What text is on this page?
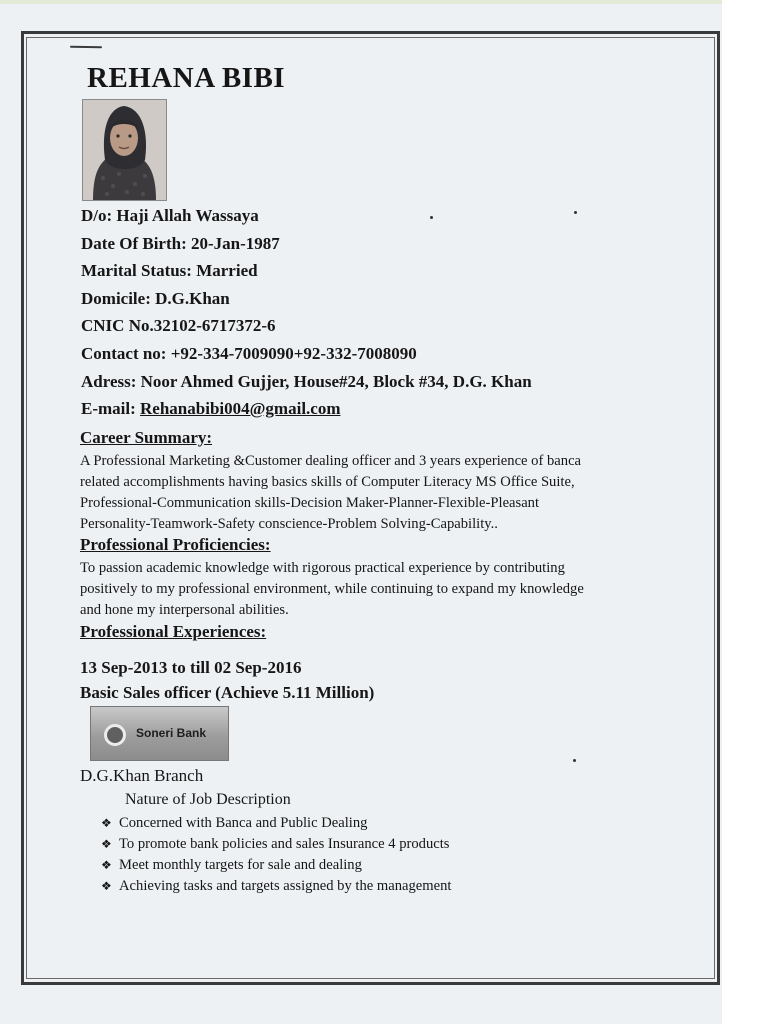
REHANA BIBI
D/o: Haji Allah Wassaya
Date Of Birth: 20-Jan-1987
Marital Status: Married
Domicile: D.G.Khan
CNIC No.32102-6717372-6
Contact no: +92-334-7009090+92-332-7008090
Adress: Noor Ahmed Gujjer, House#24, Block #34, D.G. Khan
E-mail: Rehanabibi004@gmail.com
Career Summary:
A Professional Marketing &Customer dealing officer and 3 years experience of banca
related accomplishments having basics skills of Computer Literacy MS Office Suite,
Professional-Communication skills-Decision Maker-Planner-Flexible-Pleasant
Personality-Teamwork-Safety conscience-Problem Solving-Capability..
Professional Proficiencies:
To passion academic knowledge with rigorous practical experience by contributing
positively to my professional environment, while continuing to expand my knowledge
and hone my interpersonal abilities.
Professional Experiences:
13 Sep-2013 to till 02 Sep-2016
Basic Sales officer (Achieve 5.11 Million)
Soneri Bank
D.G.Khan Branch
Nature of Job Description
❖ Concerned with Banca and Public Dealing
❖ To promote bank policies and sales Insurance 4 products
❖ Meet monthly targets for sale and dealing
❖ Achieving tasks and targets assigned by the management
